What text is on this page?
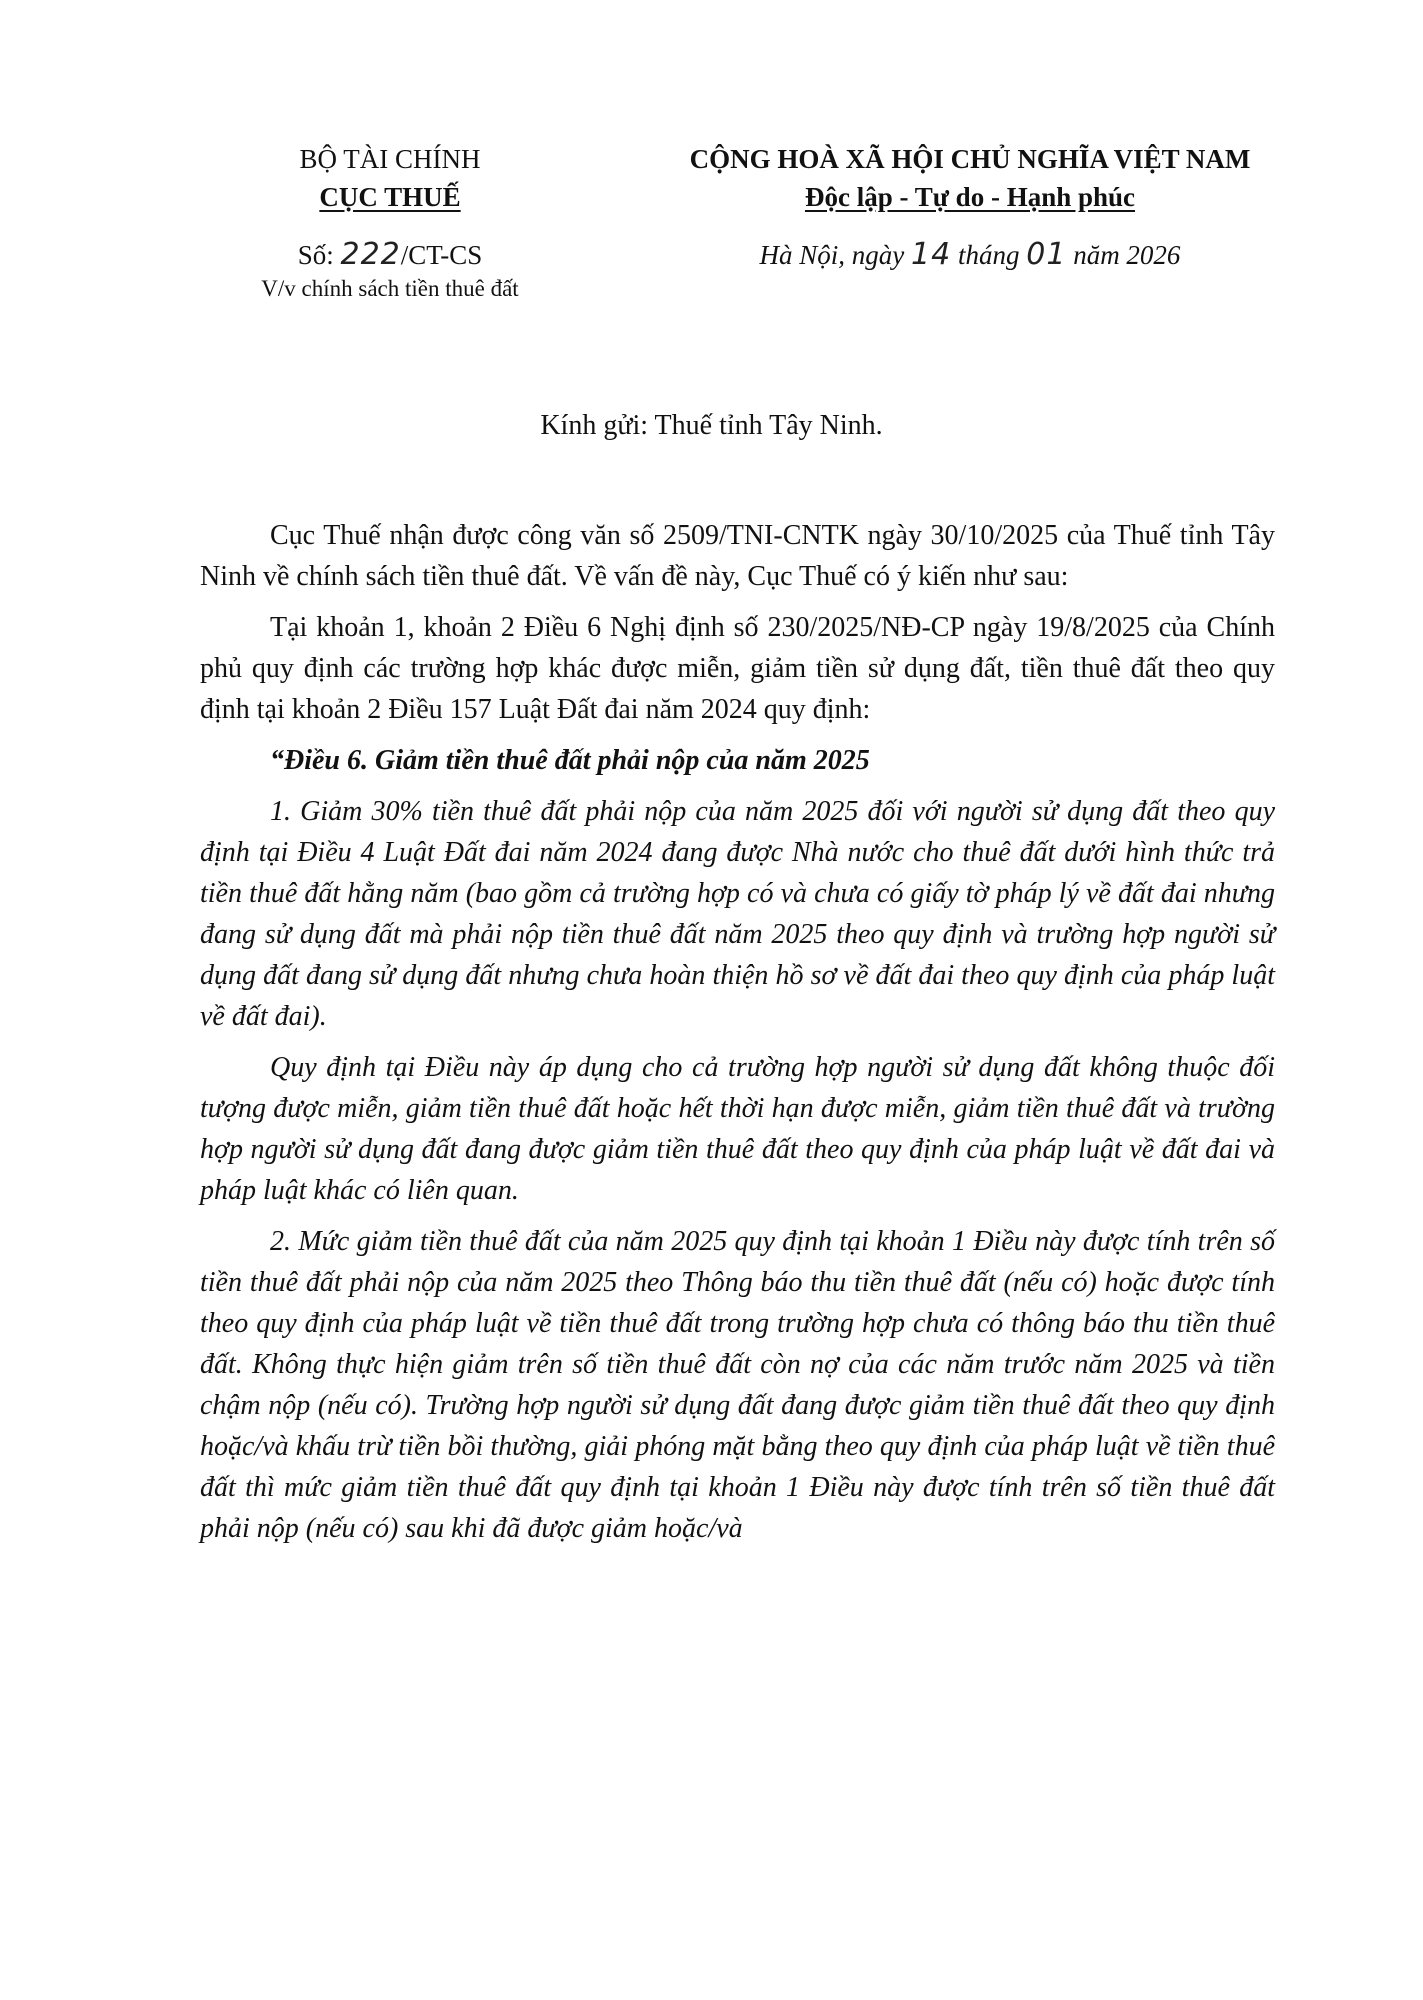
BỘ TÀI CHÍNH
CỤC THUẾ
Số: 222/CT-CS
V/v chính sách tiền thuê đất
CỘNG HOÀ XÃ HỘI CHỦ NGHĨA VIỆT NAM
Độc lập - Tự do - Hạnh phúc
Hà Nội, ngày 14 tháng 01 năm 2026
Kính gửi: Thuế tỉnh Tây Ninh.

Cục Thuế nhận được công văn số 2509/TNI-CNTK ngày 30/10/2025 của Thuế tỉnh Tây Ninh về chính sách tiền thuê đất. Về vấn đề này, Cục Thuế có ý kiến như sau:

Tại khoản 1, khoản 2 Điều 6 Nghị định số 230/2025/NĐ-CP ngày 19/8/2025 của Chính phủ quy định các trường hợp khác được miễn, giảm tiền sử dụng đất, tiền thuê đất theo quy định tại khoản 2 Điều 157 Luật Đất đai năm 2024 quy định:

“Điều 6. Giảm tiền thuê đất phải nộp của năm 2025

1. Giảm 30% tiền thuê đất phải nộp của năm 2025 đối với người sử dụng đất theo quy định tại Điều 4 Luật Đất đai năm 2024 đang được Nhà nước cho thuê đất dưới hình thức trả tiền thuê đất hằng năm (bao gồm cả trường hợp có và chưa có giấy tờ pháp lý về đất đai nhưng đang sử dụng đất mà phải nộp tiền thuê đất năm 2025 theo quy định và trường hợp người sử dụng đất đang sử dụng đất nhưng chưa hoàn thiện hồ sơ về đất đai theo quy định của pháp luật về đất đai).

Quy định tại Điều này áp dụng cho cả trường hợp người sử dụng đất không thuộc đối tượng được miễn, giảm tiền thuê đất hoặc hết thời hạn được miễn, giảm tiền thuê đất và trường hợp người sử dụng đất đang được giảm tiền thuê đất theo quy định của pháp luật về đất đai và pháp luật khác có liên quan.

2. Mức giảm tiền thuê đất của năm 2025 quy định tại khoản 1 Điều này được tính trên số tiền thuê đất phải nộp của năm 2025 theo Thông báo thu tiền thuê đất (nếu có) hoặc được tính theo quy định của pháp luật về tiền thuê đất trong trường hợp chưa có thông báo thu tiền thuê đất. Không thực hiện giảm trên số tiền thuê đất còn nợ của các năm trước năm 2025 và tiền chậm nộp (nếu có). Trường hợp người sử dụng đất đang được giảm tiền thuê đất theo quy định hoặc/và khấu trừ tiền bồi thường, giải phóng mặt bằng theo quy định của pháp luật về tiền thuê đất thì mức giảm tiền thuê đất quy định tại khoản 1 Điều này được tính trên số tiền thuê đất phải nộp (nếu có) sau khi đã được giảm hoặc/và
